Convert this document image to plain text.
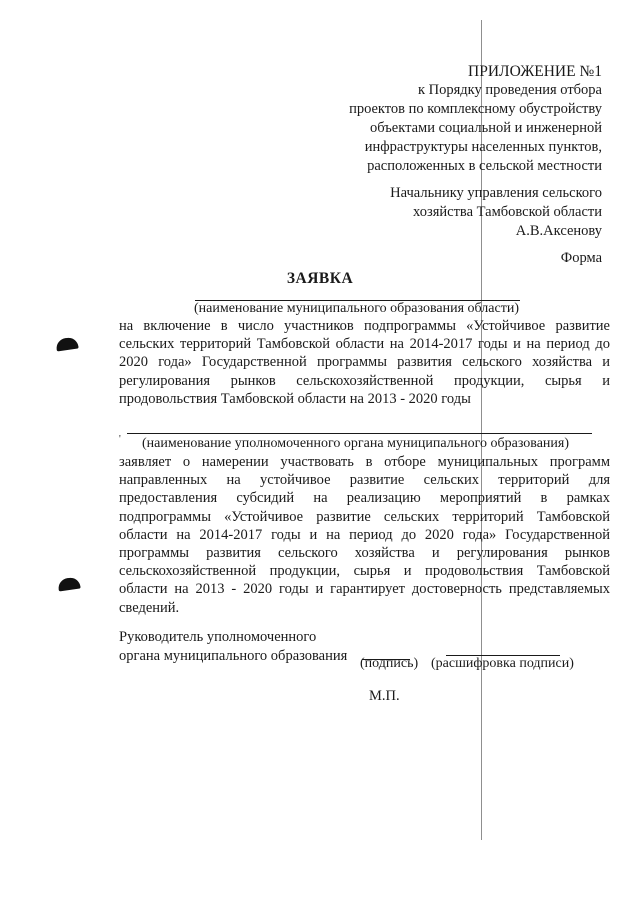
'
ПРИЛОЖЕНИЕ №1
к Порядку проведения отбора
проектов по комплексному обустройству
объектами социальной и инженерной
инфраструктуры населенных пунктов,
расположенных в сельской местности
Начальнику управления сельского
хозяйства Тамбовской области
А.В.Аксенову
Форма
ЗАЯВКА
(наименование муниципального образования области)
на включение в число участников подпрограммы «Устойчивое развитие сельских территорий Тамбовской области на 2014-2017 годы и на период до 2020 года» Государственной программы развития сельского хозяйства и регулирования рынков сельскохозяйственной продукции, сырья и продовольствия Тамбовской области на 2013 - 2020 годы
(наименование уполномоченного органа муниципального образования)
заявляет о намерении участвовать в отборе муниципальных программ направленных на устойчивое развитие сельских территорий для предоставления субсидий на реализацию мероприятий в рамках подпрограммы «Устойчивое развитие сельских территорий Тамбовской области на 2014-2017 годы и на период до 2020 года» Государственной программы развития сельского хозяйства и регулирования рынков сельскохозяйственной продукции, сырья и продовольствия Тамбовской области на 2013 - 2020 годы и гарантирует достоверность представляемых сведений.
Руководитель уполномоченного
органа муниципального образования (подпись) (расшифровка подписи)
М.П.
